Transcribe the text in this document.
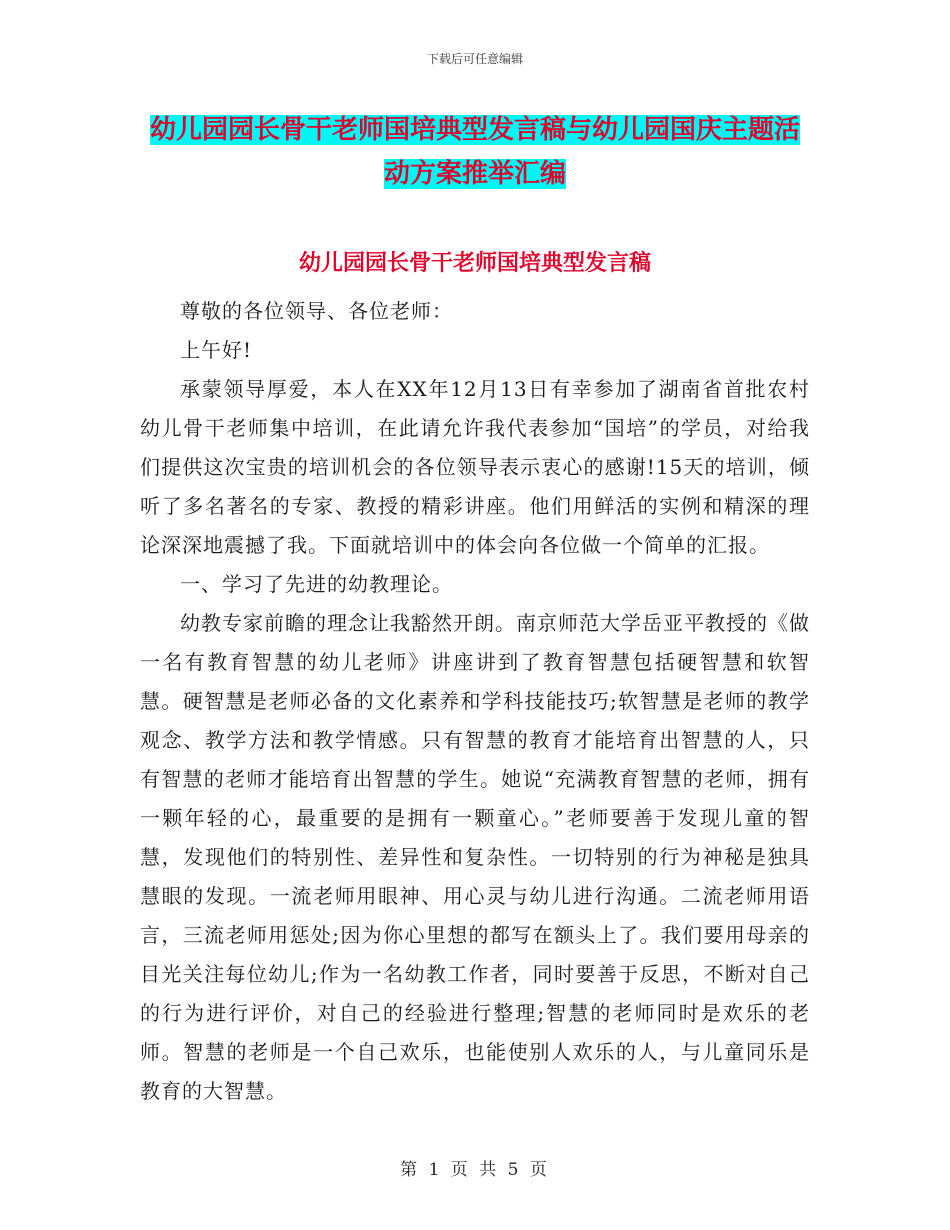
下载后可任意编辑
幼儿园园长骨干老师国培典型发言稿与幼儿园国庆主题活动方案推举汇编
幼儿园园长骨干老师国培典型发言稿

尊敬的各位领导、各位老师：

上午好!

承蒙领导厚爱，本人在XX年12月13日有幸参加了湖南省首批农村幼儿骨干老师集中培训，在此请允许我代表参加“国培”的学员，对给我们提供这次宝贵的培训机会的各位领导表示衷心的感谢!15天的培训，倾听了多名著名的专家、教授的精彩讲座。他们用鲜活的实例和精深的理论深深地震撼了我。下面就培训中的体会向各位做一个简单的汇报。

一、学习了先进的幼教理论。

幼教专家前瞻的理念让我豁然开朗。南京师范大学岳亚平教授的《做一名有教育智慧的幼儿老师》讲座讲到了教育智慧包括硬智慧和软智慧。硬智慧是老师必备的文化素养和学科技能技巧;软智慧是老师的教学观念、教学方法和教学情感。只有智慧的教育才能培育出智慧的人，只有智慧的老师才能培育出智慧的学生。她说“充满教育智慧的老师，拥有一颗年轻的心，最重要的是拥有一颗童心。”老师要善于发现儿童的智慧，发现他们的特别性、差异性和复杂性。一切特别的行为神秘是独具慧眼的发现。一流老师用眼神、用心灵与幼儿进行沟通。二流老师用语言，三流老师用惩处;因为你心里想的都写在额头上了。我们要用母亲的目光关注每位幼儿;作为一名幼教工作者，同时要善于反思，不断对自己的行为进行评价，对自己的经验进行整理;智慧的老师同时是欢乐的老师。智慧的老师是一个自己欢乐，也能使别人欢乐的人，与儿童同乐是教育的大智慧。

第 1 页 共 5 页
